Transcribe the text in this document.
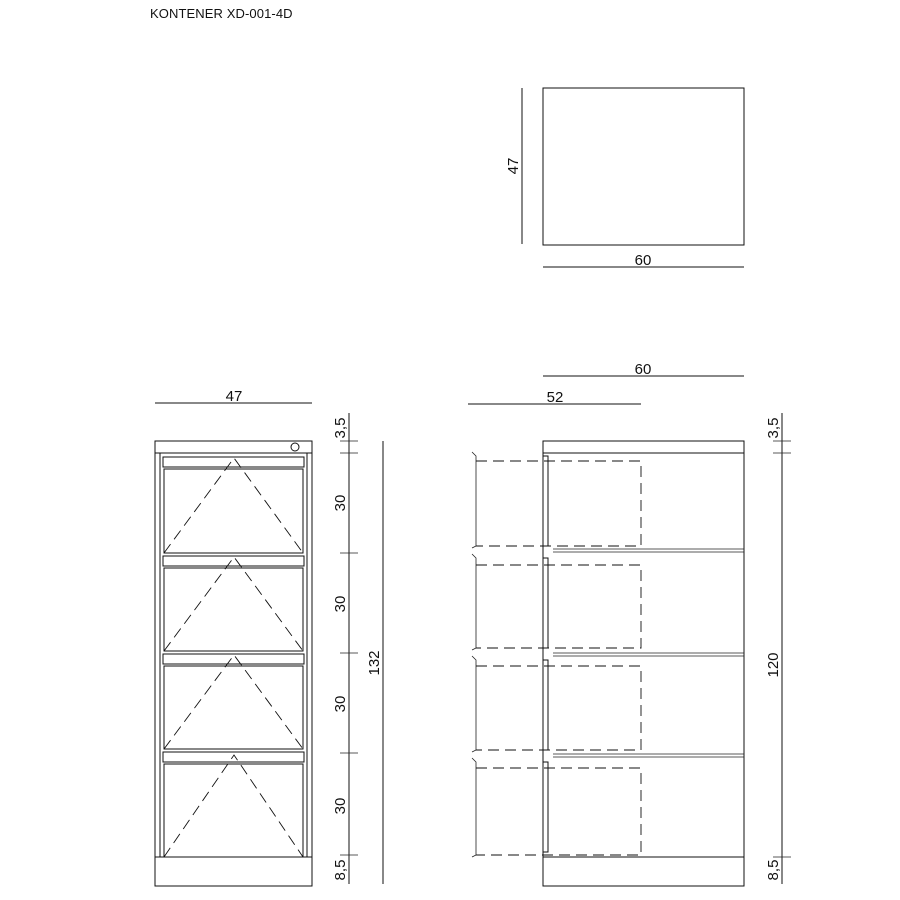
KONTENER XD-001-4D
47
60
47
3,5
30
30
30
30
8,5
132
60
52
3,5
120
8,5
